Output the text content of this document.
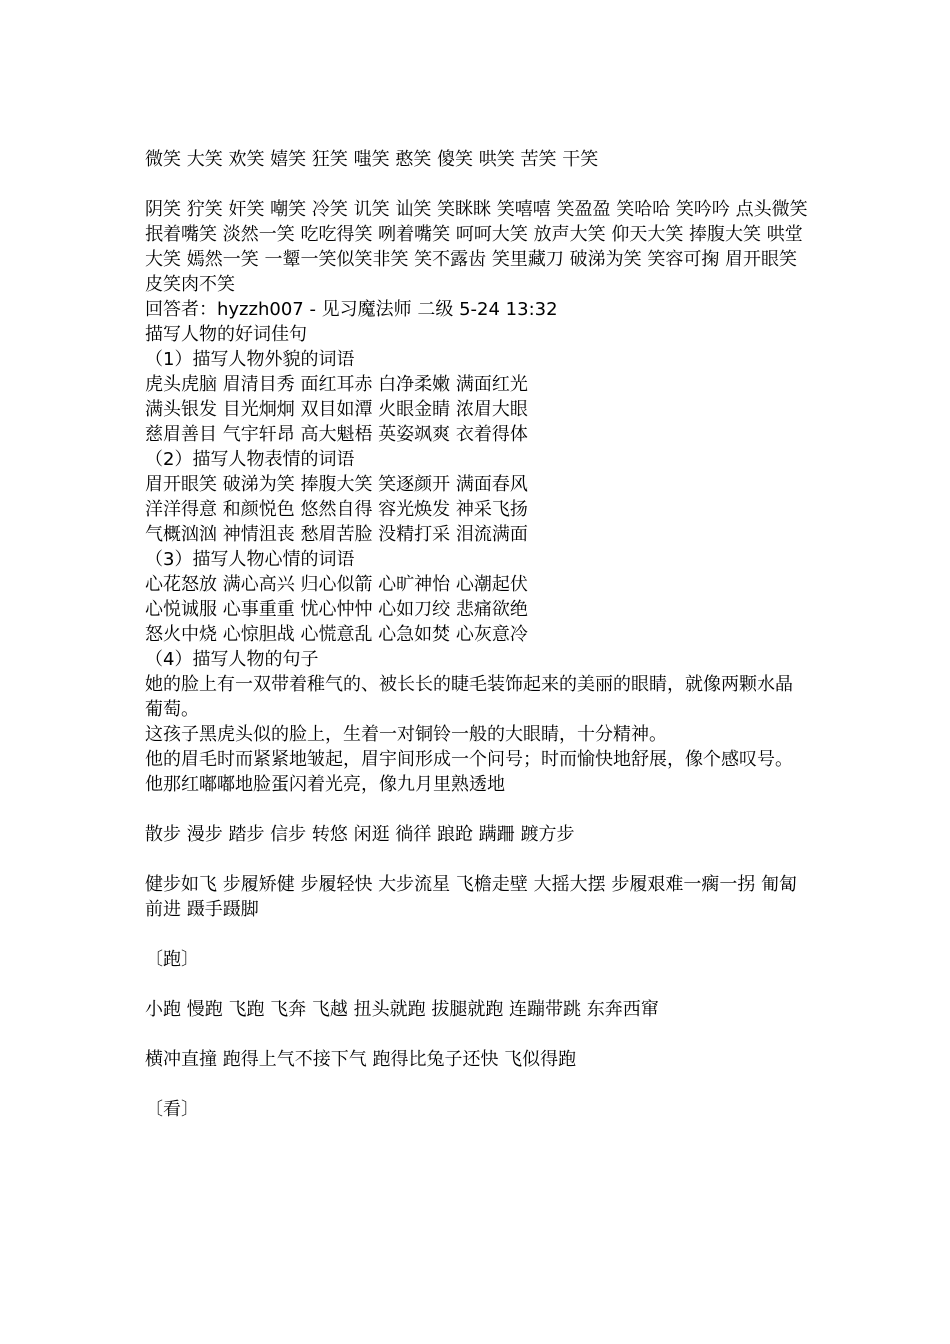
微笑 大笑 欢笑 嬉笑 狂笑 嗤笑 憨笑 傻笑 哄笑 苦笑 干笑
阴笑 狞笑 奸笑 嘲笑 冷笑 讥笑 讪笑 笑眯眯 笑嘻嘻 笑盈盈 笑哈哈 笑吟吟 点头微笑 抿着嘴笑 淡然一笑 吃吃得笑 咧着嘴笑 呵呵大笑 放声大笑 仰天大笑 捧腹大笑 哄堂大笑 嫣然一笑 一颦一笑似笑非笑 笑不露齿 笑里藏刀 破涕为笑 笑容可掬 眉开眼笑 皮笑肉不笑
回答者：hyzzh007 - 见习魔法师 二级 5-24 13:32
描写人物的好词佳句
（1）描写人物外貌的词语
虎头虎脑 眉清目秀 面红耳赤 白净柔嫩 满面红光
满头银发 目光炯炯 双目如潭 火眼金睛 浓眉大眼
慈眉善目 气宇轩昂 高大魁梧 英姿飒爽 衣着得体
（2）描写人物表情的词语
眉开眼笑 破涕为笑 捧腹大笑 笑逐颜开 满面春风
洋洋得意 和颜悦色 悠然自得 容光焕发 神采飞扬
气概汹汹 神情沮丧 愁眉苦脸 没精打采 泪流满面
（3）描写人物心情的词语
心花怒放 满心高兴 归心似箭 心旷神怡 心潮起伏
心悦诚服 心事重重 忧心忡忡 心如刀绞 悲痛欲绝
怒火中烧 心惊胆战 心慌意乱 心急如焚 心灰意冷
（4）描写人物的句子
她的脸上有一双带着稚气的、被长长的睫毛装饰起来的美丽的眼睛，就像两颗水晶葡萄。
这孩子黑虎头似的脸上，生着一对铜铃一般的大眼睛，十分精神。
他的眉毛时而紧紧地皱起，眉宇间形成一个问号；时而愉快地舒展，像个感叹号。
他那红嘟嘟地脸蛋闪着光亮，像九月里熟透地
散步 漫步 踏步 信步 转悠 闲逛 徜徉 踉跄 蹒跚 踱方步
健步如飞 步履矫健 步履轻快 大步流星 飞檐走壁 大摇大摆 步履艰难一瘸一拐 匍匐前进 蹑手蹑脚
〔跑〕
小跑 慢跑 飞跑 飞奔 飞越 扭头就跑 拔腿就跑 连蹦带跳 东奔西窜
横冲直撞 跑得上气不接下气 跑得比兔子还快 飞似得跑
〔看〕
